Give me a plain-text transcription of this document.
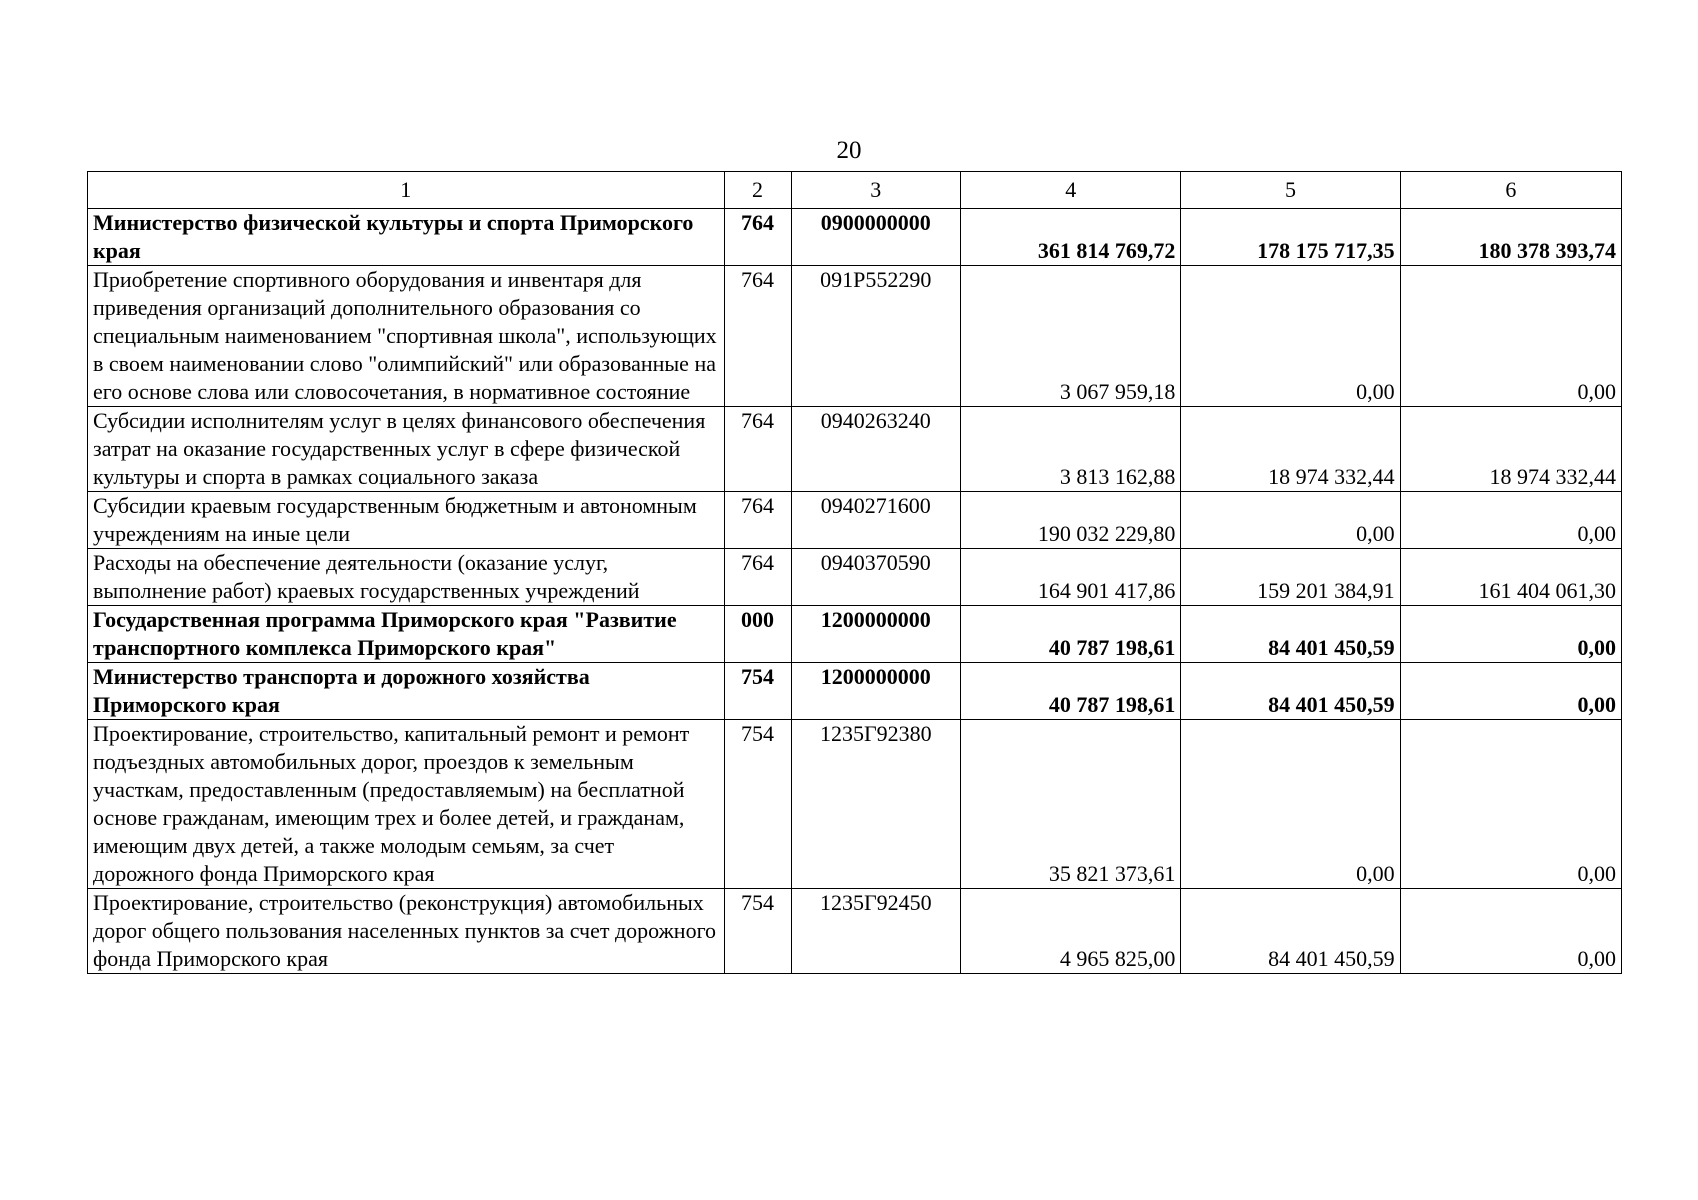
20
1	2	3	4	5	6
Министерство физической культуры и спорта Приморского края	764	0900000000	361 814 769,72	178 175 717,35	180 378 393,74
Приобретение спортивного оборудования и инвентаря для приведения организаций дополнительного образования со специальным наименованием "спортивная школа", использующих в своем наименовании слово "олимпийский" или образованные на его основе слова или словосочетания, в нормативное состояние	764	091P552290	3 067 959,18	0,00	0,00
Субсидии исполнителям услуг в целях финансового обеспечения затрат на оказание государственных услуг в сфере физической культуры и спорта в рамках социального заказа	764	0940263240	3 813 162,88	18 974 332,44	18 974 332,44
Субсидии краевым государственным бюджетным и автономным учреждениям на иные цели	764	0940271600	190 032 229,80	0,00	0,00
Расходы на обеспечение деятельности (оказание услуг, выполнение работ) краевых государственных учреждений	764	0940370590	164 901 417,86	159 201 384,91	161 404 061,30
Государственная программа Приморского края "Развитие транспортного комплекса Приморского края"	000	1200000000	40 787 198,61	84 401 450,59	0,00
Министерство транспорта и дорожного хозяйства Приморского края	754	1200000000	40 787 198,61	84 401 450,59	0,00
Проектирование, строительство, капитальный ремонт и ремонт подъездных автомобильных дорог, проездов к земельным участкам, предоставленным (предоставляемым) на бесплатной основе гражданам, имеющим трех и более детей, и гражданам, имеющим двух детей, а также молодым семьям, за счет дорожного фонда Приморского края	754	1235Г92380	35 821 373,61	0,00	0,00
Проектирование, строительство (реконструкция) автомобильных дорог общего пользования населенных пунктов за счет дорожного фонда Приморского края	754	1235Г92450	4 965 825,00	84 401 450,59	0,00
